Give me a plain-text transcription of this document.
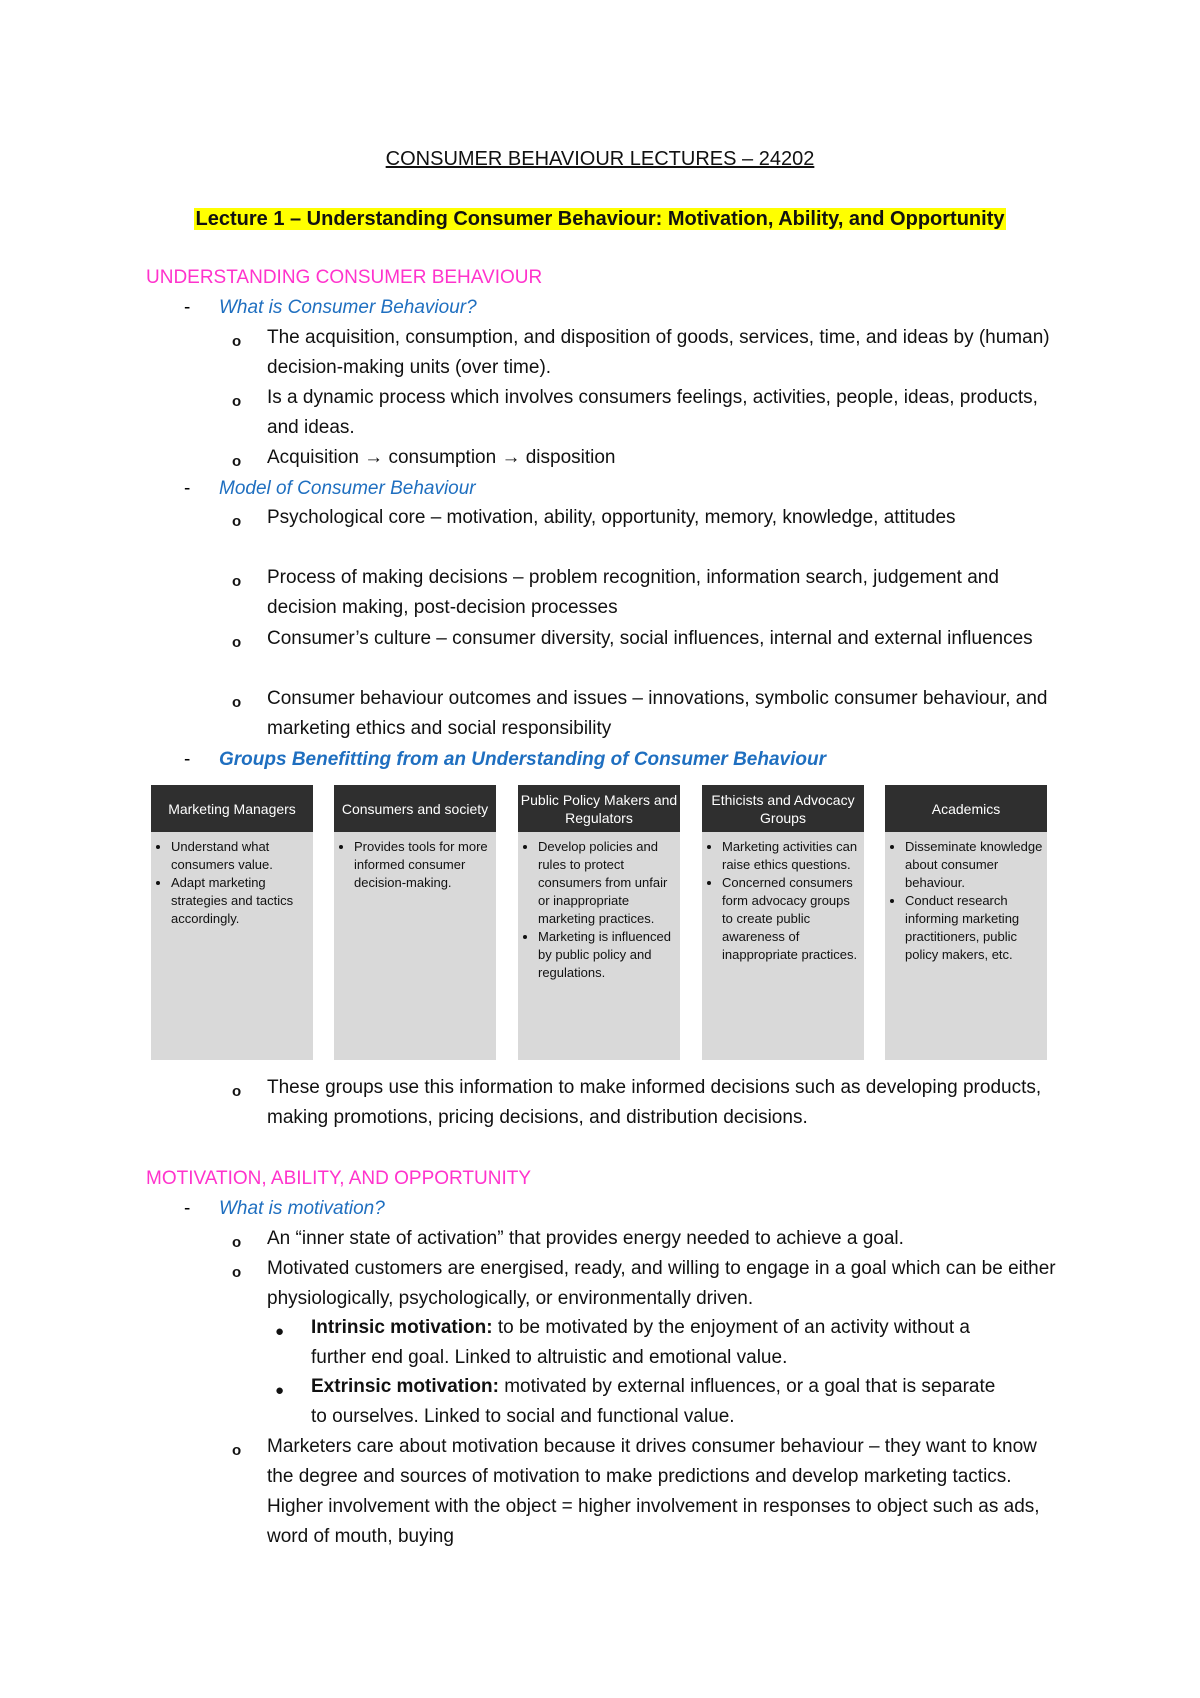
CONSUMER BEHAVIOUR LECTURES – 24202
Lecture 1 – Understanding Consumer Behaviour: Motivation, Ability, and Opportunity
UNDERSTANDING CONSUMER BEHAVIOUR
- What is Consumer Behaviour?
o The acquisition, consumption, and disposition of goods, services, time, and ideas by (human) decision-making units (over time).
o Is a dynamic process which involves consumers feelings, activities, people, ideas, products, and ideas.
o Acquisition → consumption → disposition
- Model of Consumer Behaviour
o Psychological core – motivation, ability, opportunity, memory, knowledge, attitudes
o Process of making decisions – problem recognition, information search, judgement and decision making, post-decision processes
o Consumer’s culture – consumer diversity, social influences, internal and external influences
o Consumer behaviour outcomes and issues – innovations, symbolic consumer behaviour, and marketing ethics and social responsibility
- Groups Benefitting from an Understanding of Consumer Behaviour
Marketing Managers
• Understand what consumers value.
• Adapt marketing strategies and tactics accordingly.
Consumers and society
• Provides tools for more informed consumer decision-making.
Public Policy Makers and Regulators
• Develop policies and rules to protect consumers from unfair or inappropriate marketing practices.
• Marketing is influenced by public policy and regulations.
Ethicists and Advocacy Groups
• Marketing activities can raise ethics questions.
• Concerned consumers form advocacy groups to create public awareness of inappropriate practices.
Academics
• Disseminate knowledge about consumer behaviour.
• Conduct research informing marketing practitioners, public policy makers, etc.
o These groups use this information to make informed decisions such as developing products, making promotions, pricing decisions, and distribution decisions.
MOTIVATION, ABILITY, AND OPPORTUNITY
- What is motivation?
o An “inner state of activation” that provides energy needed to achieve a goal.
o Motivated customers are energised, ready, and willing to engage in a goal which can be either physiologically, psychologically, or environmentally driven.
● Intrinsic motivation: to be motivated by the enjoyment of an activity without a further end goal. Linked to altruistic and emotional value.
● Extrinsic motivation: motivated by external influences, or a goal that is separate to ourselves. Linked to social and functional value.
o Marketers care about motivation because it drives consumer behaviour – they want to know the degree and sources of motivation to make predictions and develop marketing tactics. Higher involvement with the object = higher involvement in responses to object such as ads, word of mouth, buying
